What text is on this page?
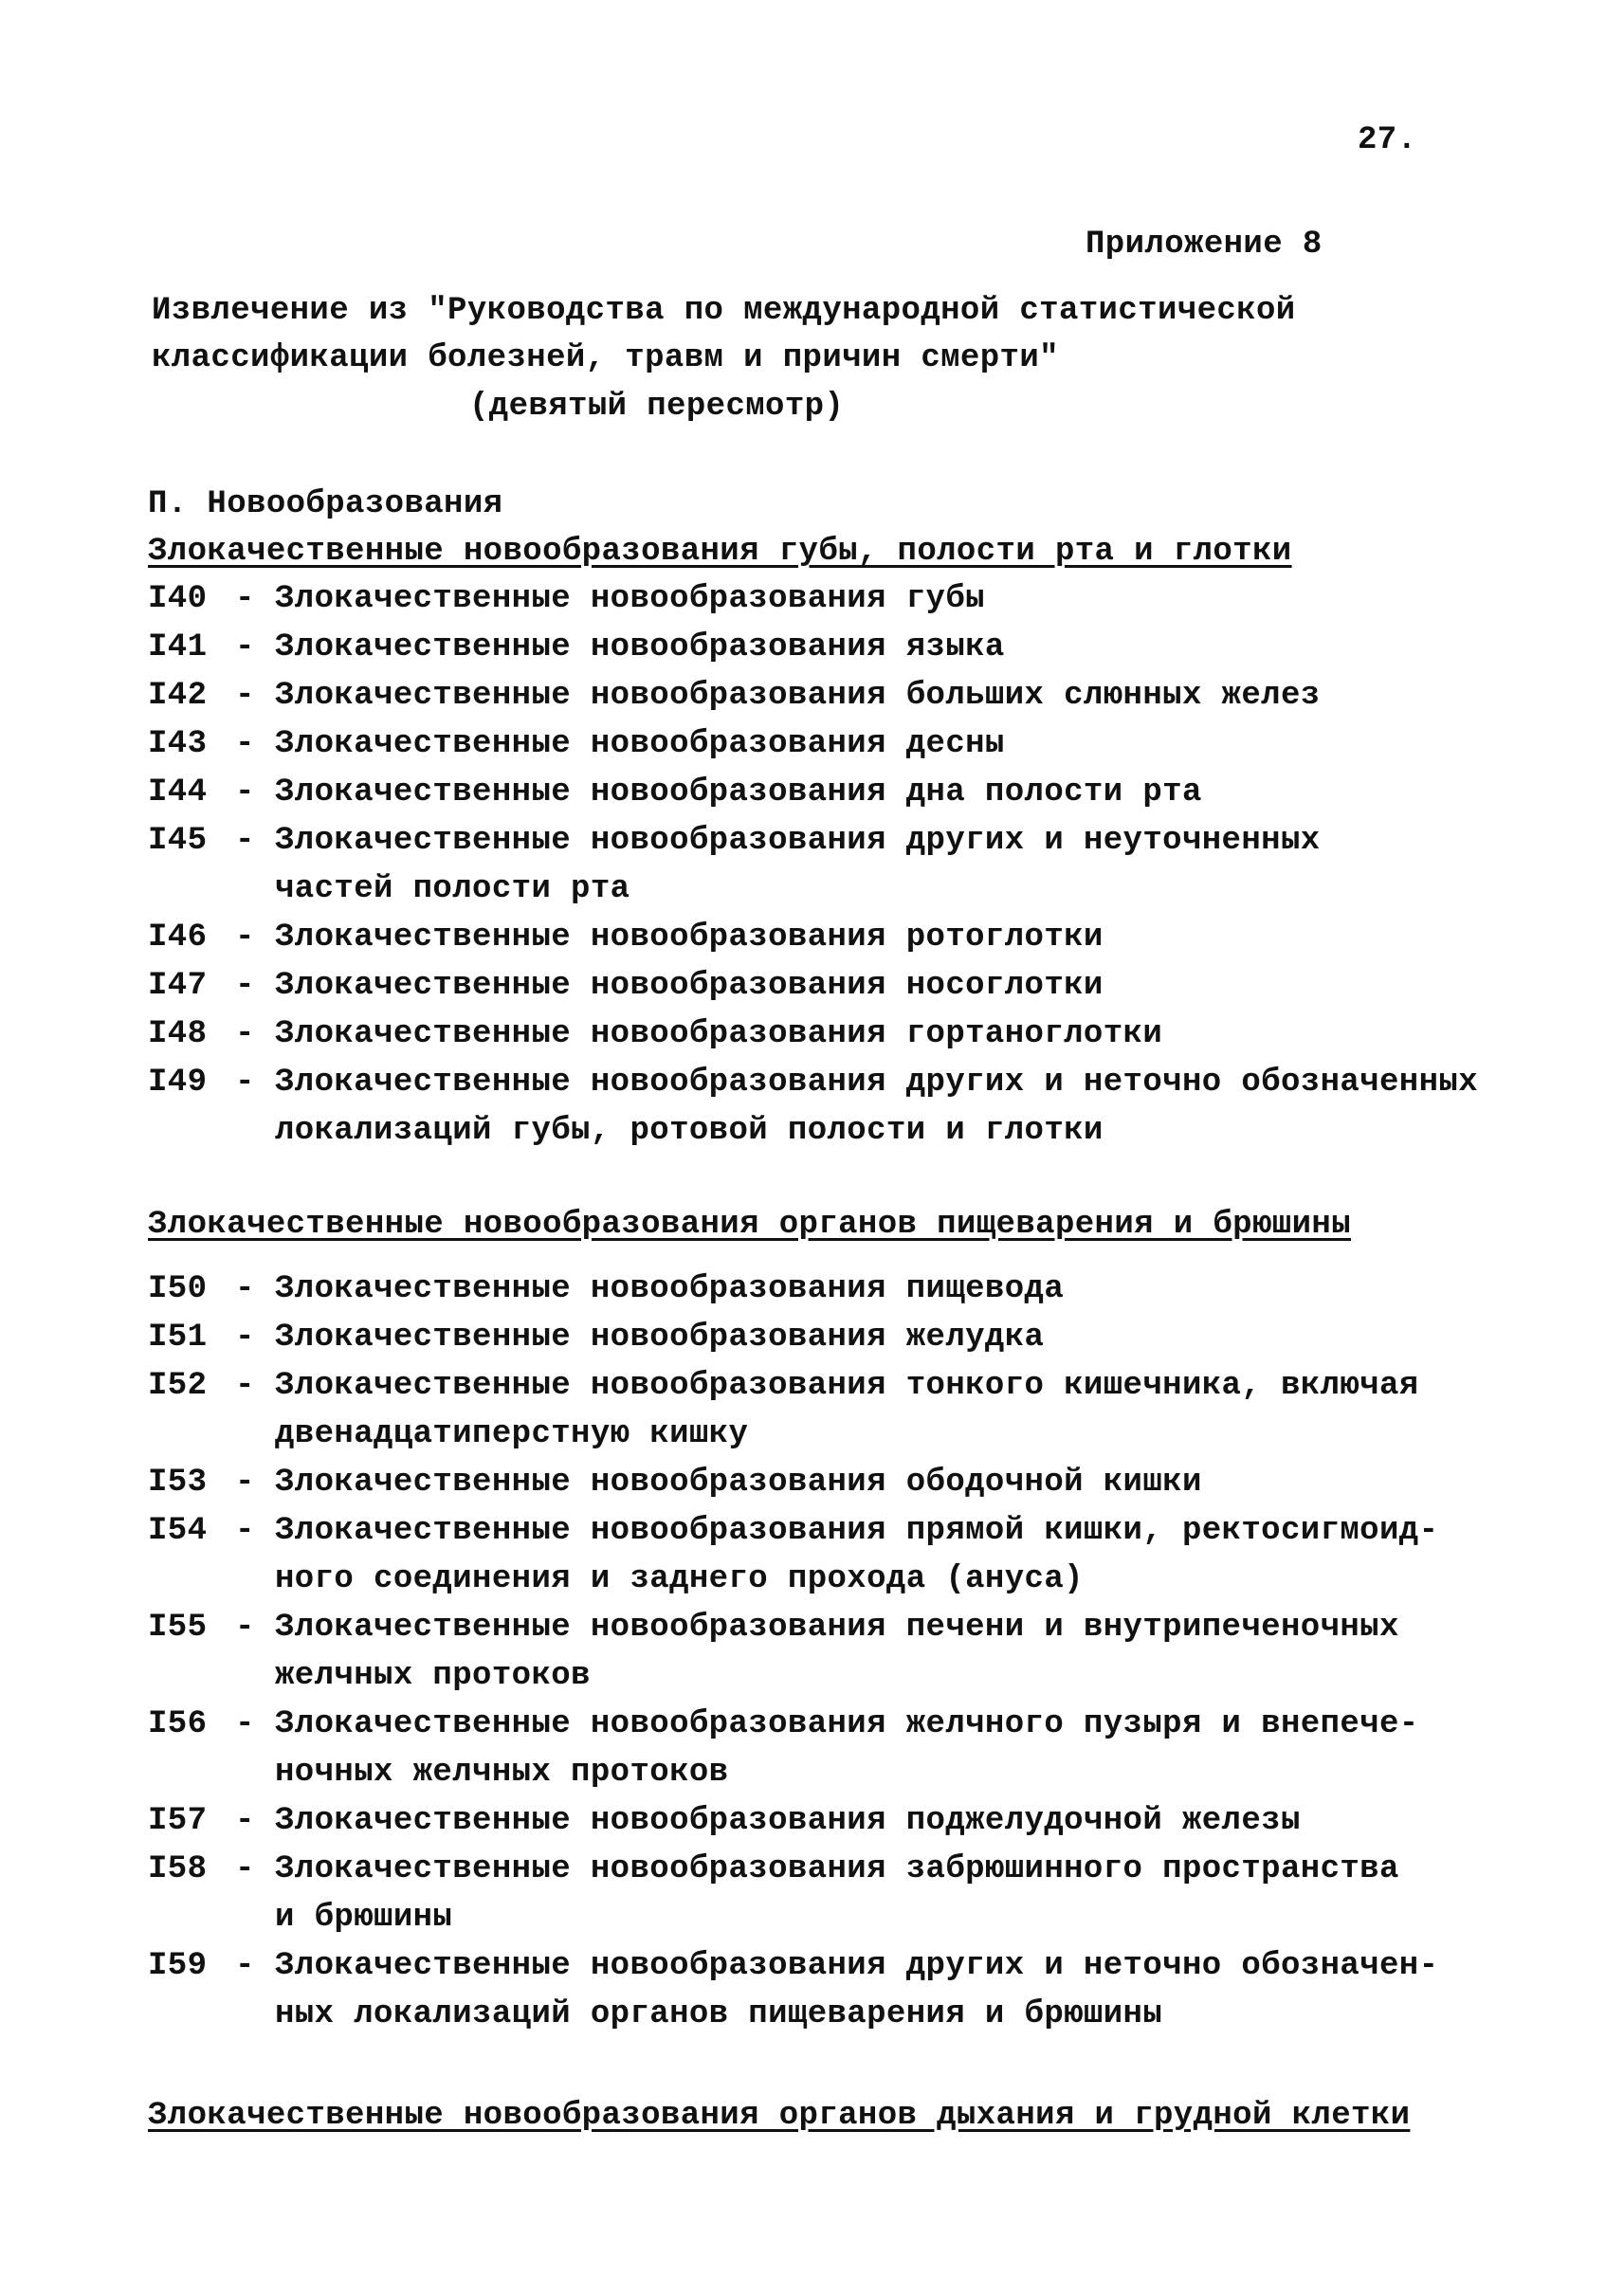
27.
Приложение 8
Извлечение из "Руководства по международной статистической
классификации болезней, травм и причин смерти"
(девятый пересмотр)
П. Новообразования
Злокачественные новообразования губы, полости рта и глотки
I40 - Злокачественные новообразования губы
I41 - Злокачественные новообразования языка
I42 - Злокачественные новообразования больших слюнных желез
I43 - Злокачественные новообразования десны
I44 - Злокачественные новообразования дна полости рта
I45 - Злокачественные новообразования других и неуточненных
частей полости рта
I46 - Злокачественные новообразования ротоглотки
I47 - Злокачественные новообразования носоглотки
I48 - Злокачественные новообразования гортаноглотки
I49 - Злокачественные новообразования других и неточно обозначенных
локализаций губы, ротовой полости и глотки
Злокачественные новообразования органов пищеварения и брюшины
I50 - Злокачественные новообразования пищевода
I51 - Злокачественные новообразования желудка
I52 - Злокачественные новообразования тонкого кишечника, включая
двенадцатиперстную кишку
I53 - Злокачественные новообразования ободочной кишки
I54 - Злокачественные новообразования прямой кишки, ректосигмоид-
ного соединения и заднего прохода (ануса)
I55 - Злокачественные новообразования печени и внутрипеченочных
желчных протоков
I56 - Злокачественные новообразования желчного пузыря и внепече-
ночных желчных протоков
I57 - Злокачественные новообразования поджелудочной железы
I58 - Злокачественные новообразования забрюшинного пространства
и брюшины
I59 - Злокачественные новообразования других и неточно обозначен-
ных локализаций органов пищеварения и брюшины
Злокачественные новообразования органов дыхания и грудной клетки
